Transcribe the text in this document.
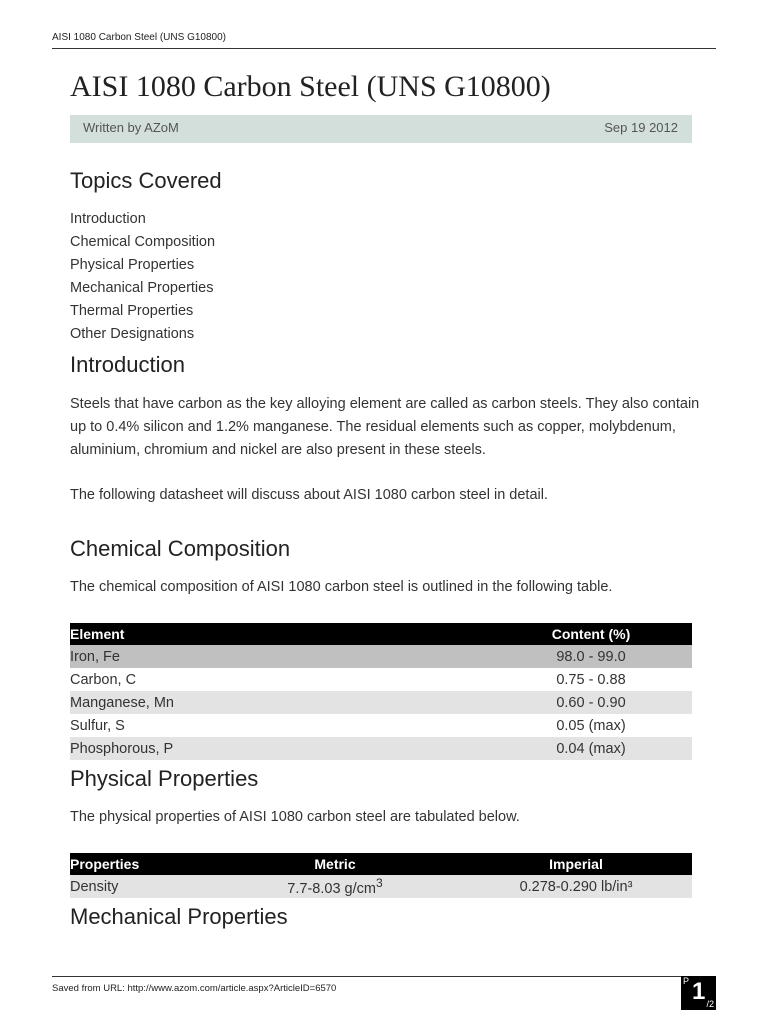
AISI 1080 Carbon Steel (UNS G10800)
AISI 1080 Carbon Steel (UNS G10800)
Written by AZoM	Sep 19 2012
Topics Covered
Introduction
Chemical Composition
Physical Properties
Mechanical Properties
Thermal Properties
Other Designations
Introduction

Steels that have carbon as the key alloying element are called as carbon steels. They also contain up to 0.4% silicon and 1.2% manganese. The residual elements such as copper, molybdenum, aluminium, chromium and nickel are also present in these steels.

The following datasheet will discuss about AISI 1080 carbon steel in detail.

Chemical Composition

The chemical composition of AISI 1080 carbon steel is outlined in the following table.

Element	Content (%)
Iron, Fe	98.0 - 99.0
Carbon, C	0.75 - 0.88
Manganese, Mn	0.60 - 0.90
Sulfur, S	0.05 (max)
Phosphorous, P	0.04 (max)
Physical Properties

The physical properties of AISI 1080 carbon steel are tabulated below.

Properties	Metric	Imperial
Density	7.7-8.03 $g/cm^3$	0.278-0.290 lb/in³
Mechanical Properties
Saved from URL: http://www.azom.com/article.aspx?ArticleID=6570
P 1 /2
